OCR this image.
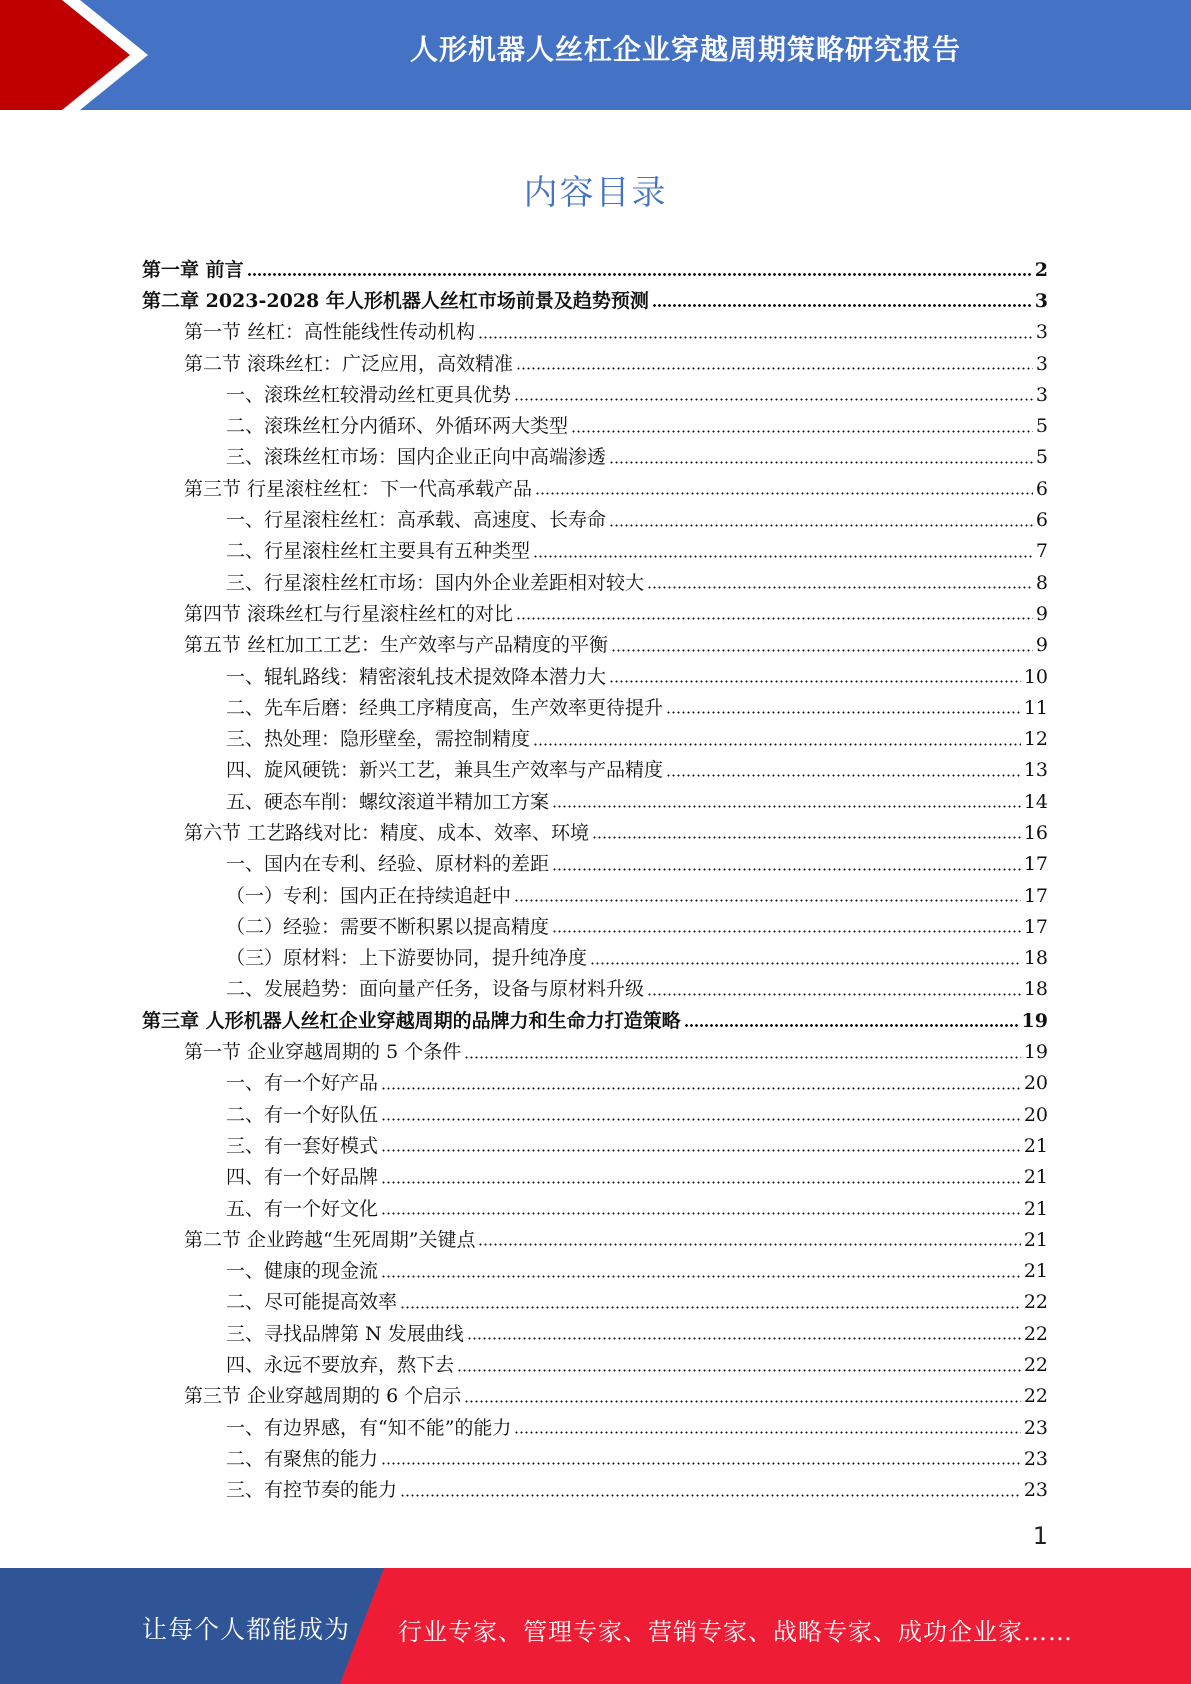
人形机器人丝杠企业穿越周期策略研究报告
内容目录
第一章 前言	2
第二章 2023-2028 年人形机器人丝杠市场前景及趋势预测	3
第一节 丝杠：高性能线性传动机构	3
第二节 滚珠丝杠：广泛应用，高效精准	3
一、滚珠丝杠较滑动丝杠更具优势	3
二、滚珠丝杠分内循环、外循环两大类型	5
三、滚珠丝杠市场：国内企业正向中高端渗透	5
第三节 行星滚柱丝杠：下一代高承载产品	6
一、行星滚柱丝杠：高承载、高速度、长寿命	6
二、行星滚柱丝杠主要具有五种类型	7
三、行星滚柱丝杠市场：国内外企业差距相对较大	8
第四节 滚珠丝杠与行星滚柱丝杠的对比	9
第五节 丝杠加工工艺：生产效率与产品精度的平衡	9
一、辊轧路线：精密滚轧技术提效降本潜力大	10
二、先车后磨：经典工序精度高，生产效率更待提升	11
三、热处理：隐形壁垒，需控制精度	12
四、旋风硬铣：新兴工艺，兼具生产效率与产品精度	13
五、硬态车削：螺纹滚道半精加工方案	14
第六节 工艺路线对比：精度、成本、效率、环境	16
一、国内在专利、经验、原材料的差距	17
（一）专利：国内正在持续追赶中	17
（二）经验：需要不断积累以提高精度	17
（三）原材料：上下游要协同，提升纯净度	18
二、发展趋势：面向量产任务，设备与原材料升级	18
第三章 人形机器人丝杠企业穿越周期的品牌力和生命力打造策略	19
第一节 企业穿越周期的 5 个条件	19
一、有一个好产品	20
二、有一个好队伍	20
三、有一套好模式	21
四、有一个好品牌	21
五、有一个好文化	21
第二节 企业跨越“生死周期”关键点	21
一、健康的现金流	21
二、尽可能提高效率	22
三、寻找品牌第 N 发展曲线	22
四、永远不要放弃，熬下去	22
第三节 企业穿越周期的 6 个启示	22
一、有边界感，有“知不能”的能力	23
二、有聚焦的能力	23
三、有控节奏的能力	23
1
让每个人都能成为 行业专家、管理专家、营销专家、战略专家、成功企业家……
